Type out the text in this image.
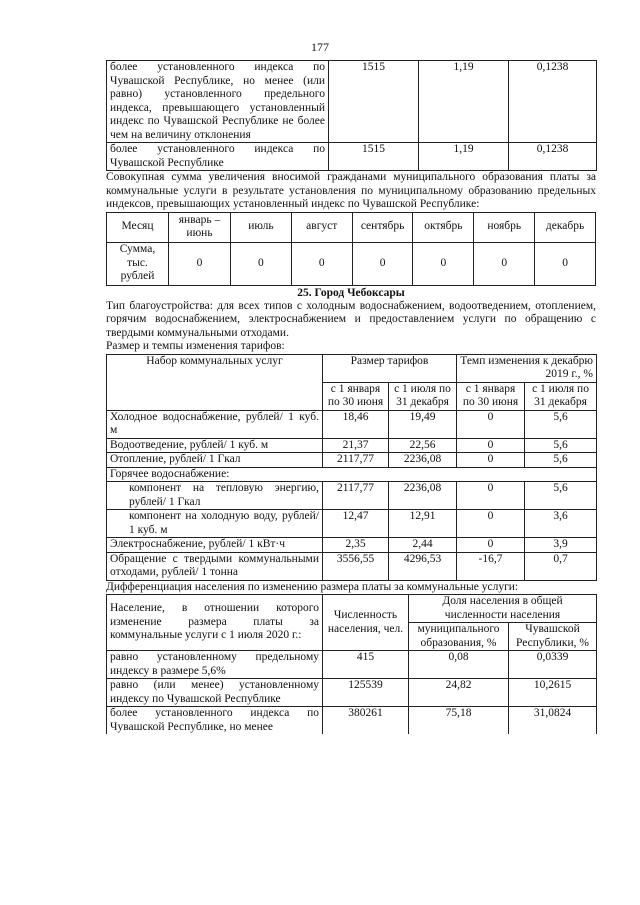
177
более установленного индекса по Чувашской Республике, но менее (или равно) установленного предельного индекса, превышающего установленный индекс по Чувашской Республике не более чем на величину отклонения	1515	1,19	0,1238
более установленного индекса по Чувашской Республике	1515	1,19	0,1238

Совокупная сумма увеличения вносимой гражданами муниципального образования платы за коммунальные услуги в результате установления по муниципальному образованию предельных индексов, превышающих установленный индекс по Чувашской Республике:

Месяц	январь – июнь	июль	август	сентябрь	октябрь	ноябрь	декабрь
Сумма, тыс. рублей	0	0	0	0	0	0	0

25. Город Чебоксары

Тип благоустройства: для всех типов с холодным водоснабжением, водоотведением, отоплением, горячим водоснабжением, электроснабжением и предоставлением услуги по обращению с твердыми коммунальными отходами.

Размер и темпы изменения тарифов:

Набор коммунальных услуг	Размер тарифов		Темп изменения к декабрю 2019 г., %	
	с 1 января по 30 июня	с 1 июля по 31 декабря	с 1 января по 30 июня	с 1 июля по 31 декабря
Холодное водоснабжение, рублей/ 1 куб. м	18,46	19,49	0	5,6
Водоотведение, рублей/ 1 куб. м	21,37	22,56	0	5,6
Отопление, рублей/ 1 Гкал	2117,77	2236,08	0	5,6
Горячее водоснабжение:				
компонент на тепловую энергию, рублей/ 1 Гкал	2117,77	2236,08	0	5,6
компонент на холодную воду, рублей/ 1 куб. м	12,47	12,91	0	3,6
Электроснабжение, рублей/ 1 кВт·ч	2,35	2,44	0	3,9
Обращение с твердыми коммунальными отходами, рублей/ 1 тонна	3556,55	4296,53	-16,7	0,7

Дифференциация населения по изменению размера платы за коммунальные услуги:

Население, в отношении которого изменение размера платы за коммунальные услуги с 1 июля 2020 г.:	Численность населения, чел.	Доля населения в общей численности населения	
		муниципального образования, %	Чувашской Республики, %
равно установленному предельному индексу в размере 5,6%	415	0,08	0,0339
равно (или менее) установленному индексу по Чувашской Республике	125539	24,82	10,2615
более установленного индекса по Чувашской Республике, но менее	380261	75,18	31,0824
